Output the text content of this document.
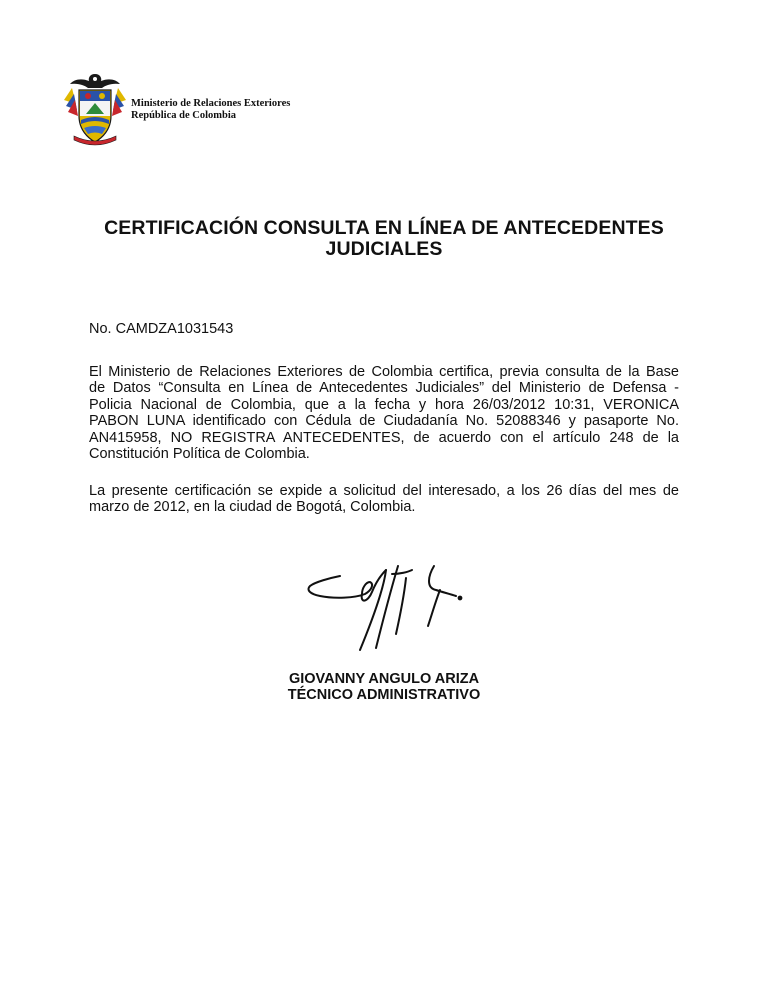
Ministerio de Relaciones Exteriores
República de Colombia
CERTIFICACIÓN CONSULTA EN LÍNEA DE ANTECEDENTES
JUDICIALES
No. CAMDZA1031543
El Ministerio de Relaciones Exteriores de Colombia certifica, previa consulta de la Base
de Datos “Consulta en Línea de Antecedentes Judiciales” del Ministerio de Defensa -
Policia Nacional de Colombia, que a la fecha y hora 26/03/2012 10:31, VERONICA
PABON LUNA identificado con Cédula de Ciudadanía No. 52088346 y pasaporte No.
AN415958, NO REGISTRA ANTECEDENTES, de acuerdo con el artículo 248 de la
Constitución Política de Colombia.
La presente certificación se expide a solicitud del interesado, a los 26 días del mes de
marzo de 2012, en la ciudad de Bogotá, Colombia.
GIOVANNY ANGULO ARIZA
TÉCNICO ADMINISTRATIVO
